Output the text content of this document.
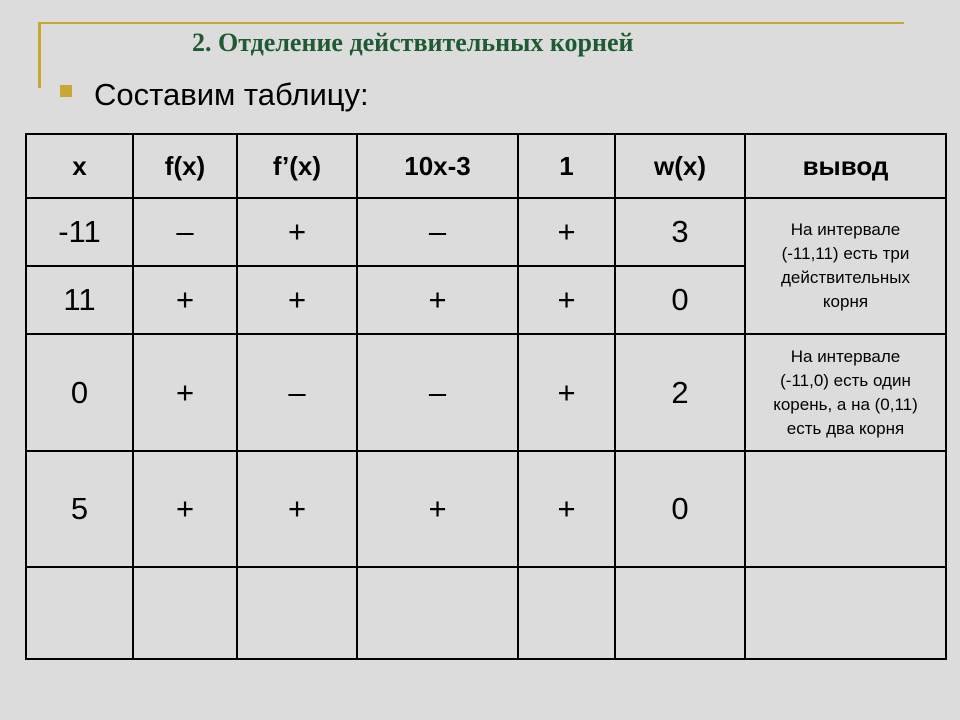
2. Отделение действительных корней
Составим таблицу:
x	f(x)	f’(x)	10x-3	1	w(x)	вывод
-11	–	+	–	+	3	На интервале
(-11,11) есть три
действительных
корня

11	+	+	+	+	0	
0	+	–	–	+	2	На интервале
(-11,0) есть один
корень, а на (0,11)
есть два корня

5	+	+	+	+	0	
